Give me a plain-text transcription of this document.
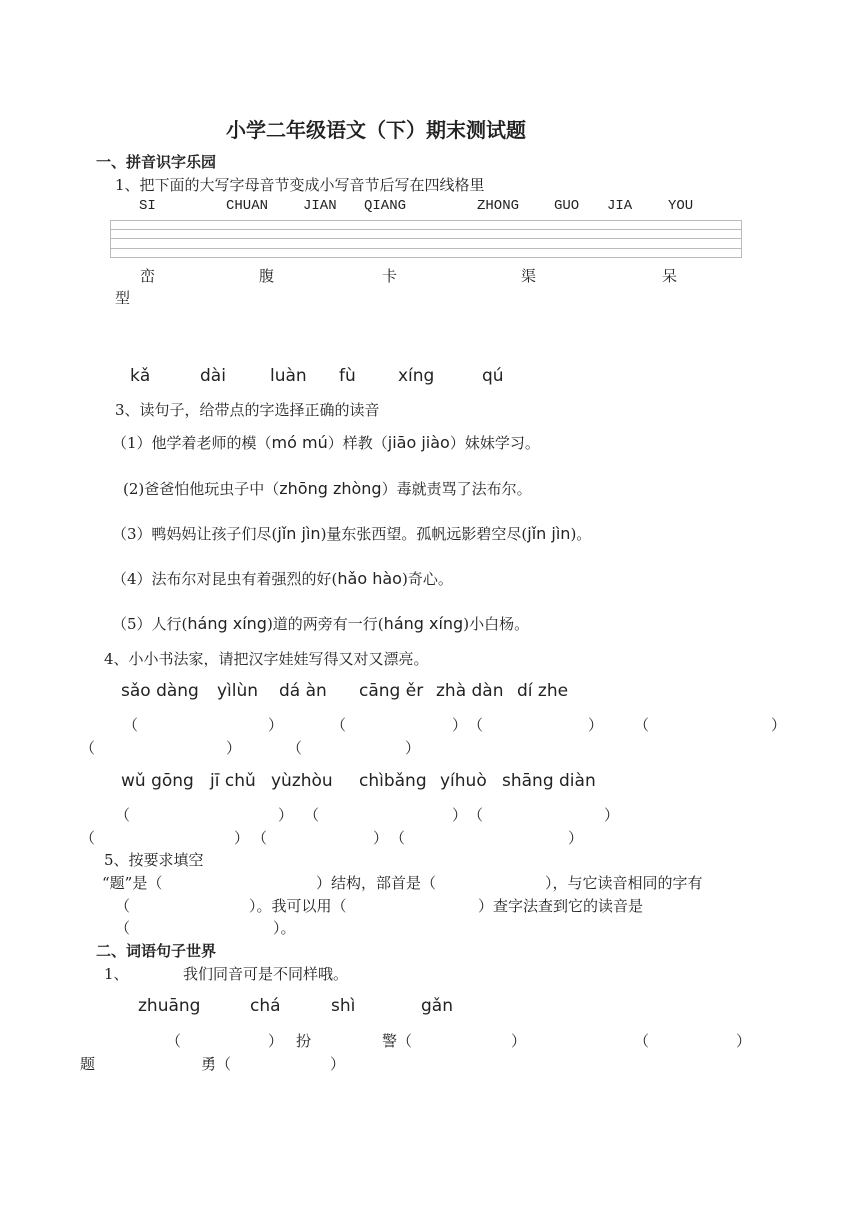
小学二年级语文（下）期末测试题
一、拼音识字乐园
1、把下面的大写字母音节变成小写音节后写在四线格里
SI	CHUAN JIAN QIANG	ZHONG GUO JIA	YOU
峦	腹	卡	渠	呆
型
kǎ	dài	luàn fù xíng	qú
3、读句子，给带点的字选择正确的读音
（1）他学着老师的模（mó mú）样教（jiāo jiào）妹妹学习。
(2)爸爸怕他玩虫子中（zhōng zhòng）毒就责骂了法布尔。
（3）鸭妈妈让孩子们尽(jǐn jìn)量东张西望。孤帆远影碧空尽(jǐn jìn)。
（4）法布尔对昆虫有着强烈的好(hǎo hào)奇心。
（5）人行(háng xíng)道的两旁有一行(háng xíng)小白杨。
4、小小书法家，请把汉字娃娃写得又对又漂亮。
sǎo dàng yìlùn dá àn cāng ěr zhà dàn dí zhe
（	）	（	） （	） （	）
（	）	（	）
wǔ gōng jī chǔ yùzhòu chìbǎng yíhuò shāng diàn
（	） （	） （	）
（	） （	） （	）
5、按要求填空
“题”是（	）结构，部首是（	），与它读音相同的字有
（	）。我可以用（	）查字法查到它的读音是
（	）。
二、词语句子世界
1、	我们同音可是不同样哦。
zhuāng	chá	shì	gǎn
（	） 扮	警（	）	（	）
题	勇（	）
